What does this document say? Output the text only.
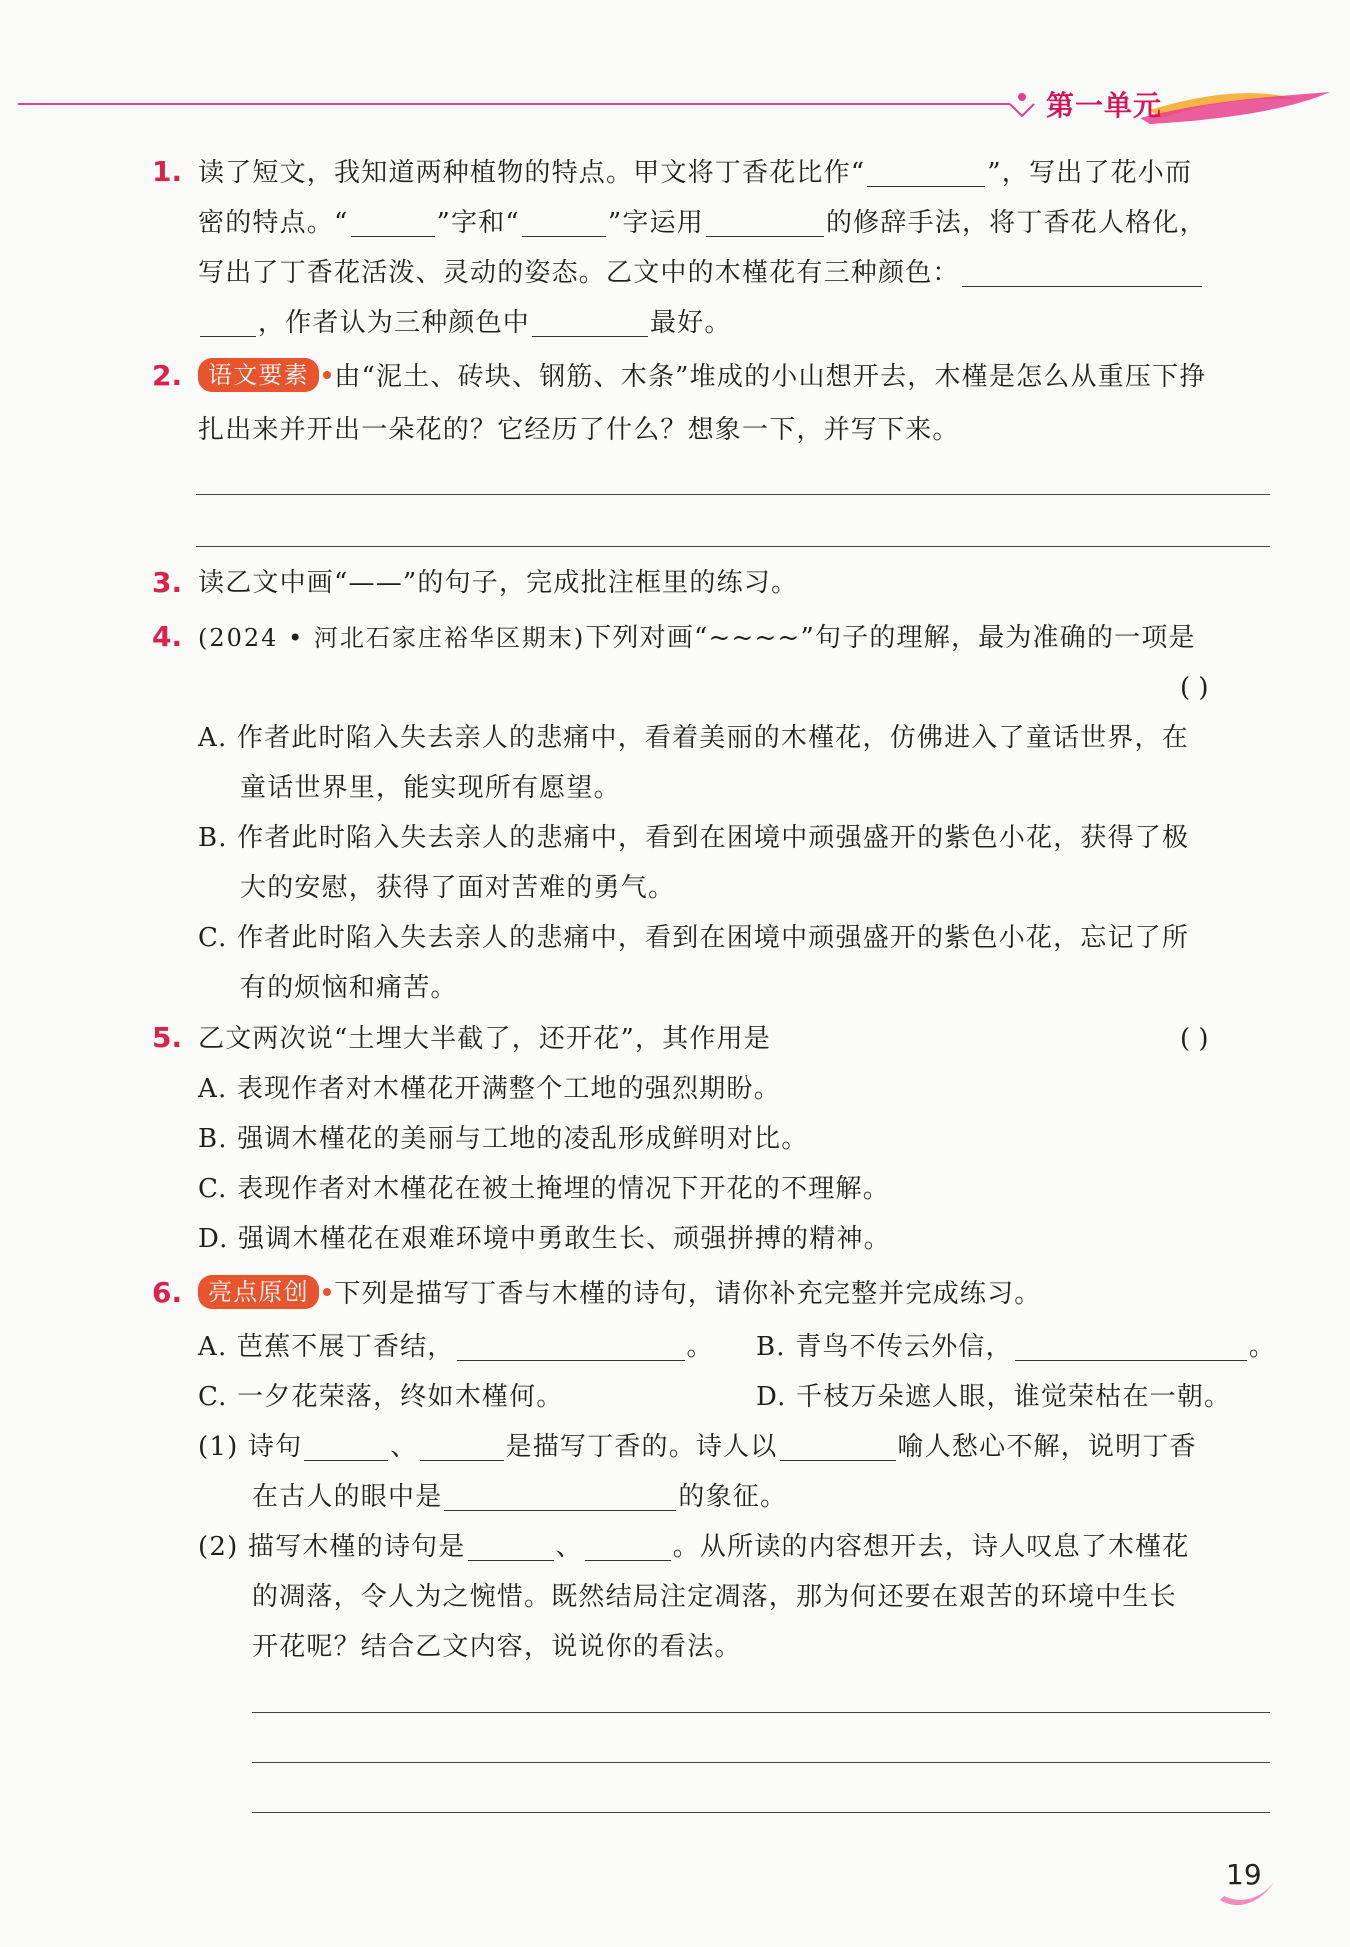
第一单元
1. 读了短文，我知道两种植物的特点。甲文将丁香花比作“	”，写出了花小而
密的特点。“	”字和“	”字运用	的修辞手法，将丁香花人格化，
写出了丁香花活泼、灵动的姿态。乙文中的木槿花有三种颜色：
，作者认为三种颜色中	最好。
2.	语文要素 由“泥土、砖块、钢筋、木条”堆成的小山想开去，木槿是怎么从重压下挣
扎出来并开出一朵花的？它经历了什么？想象一下，并写下来。
3. 读乙文中画“——”的句子，完成批注框里的练习。
4. (2024 • 河北石家庄裕华区期末)下列对画“~~~~”句子的理解，最为准确的一项是
( )
A. 作者此时陷入失去亲人的悲痛中，看着美丽的木槿花，仿佛进入了童话世界，在
童话世界里，能实现所有愿望。
B. 作者此时陷入失去亲人的悲痛中，看到在困境中顽强盛开的紫色小花，获得了极
大的安慰，获得了面对苦难的勇气。
C. 作者此时陷入失去亲人的悲痛中，看到在困境中顽强盛开的紫色小花，忘记了所
有的烦恼和痛苦。
5. 乙文两次说“土埋大半截了，还开花”，其作用是	( )
A. 表现作者对木槿花开满整个工地的强烈期盼。
B. 强调木槿花的美丽与工地的凌乱形成鲜明对比。
C. 表现作者对木槿花在被土掩埋的情况下开花的不理解。
D. 强调木槿花在艰难环境中勇敢生长、顽强拼搏的精神。
6.	亮点原创 下列是描写丁香与木槿的诗句，请你补充完整并完成练习。
A. 芭蕉不展丁香结，	。 B. 青鸟不传云外信，	。
C. 一夕花荣落，终如木槿何。	D. 千枝万朵遮人眼，谁觉荣枯在一朝。
(1) 诗句	、	是描写丁香的。诗人以	喻人愁心不解，说明丁香
在古人的眼中是	的象征。
(2) 描写木槿的诗句是	、	。从所读的内容想开去，诗人叹息了木槿花
的凋落，令人为之惋惜。既然结局注定凋落，那为何还要在艰苦的环境中生长
开花呢？结合乙文内容，说说你的看法。
19
